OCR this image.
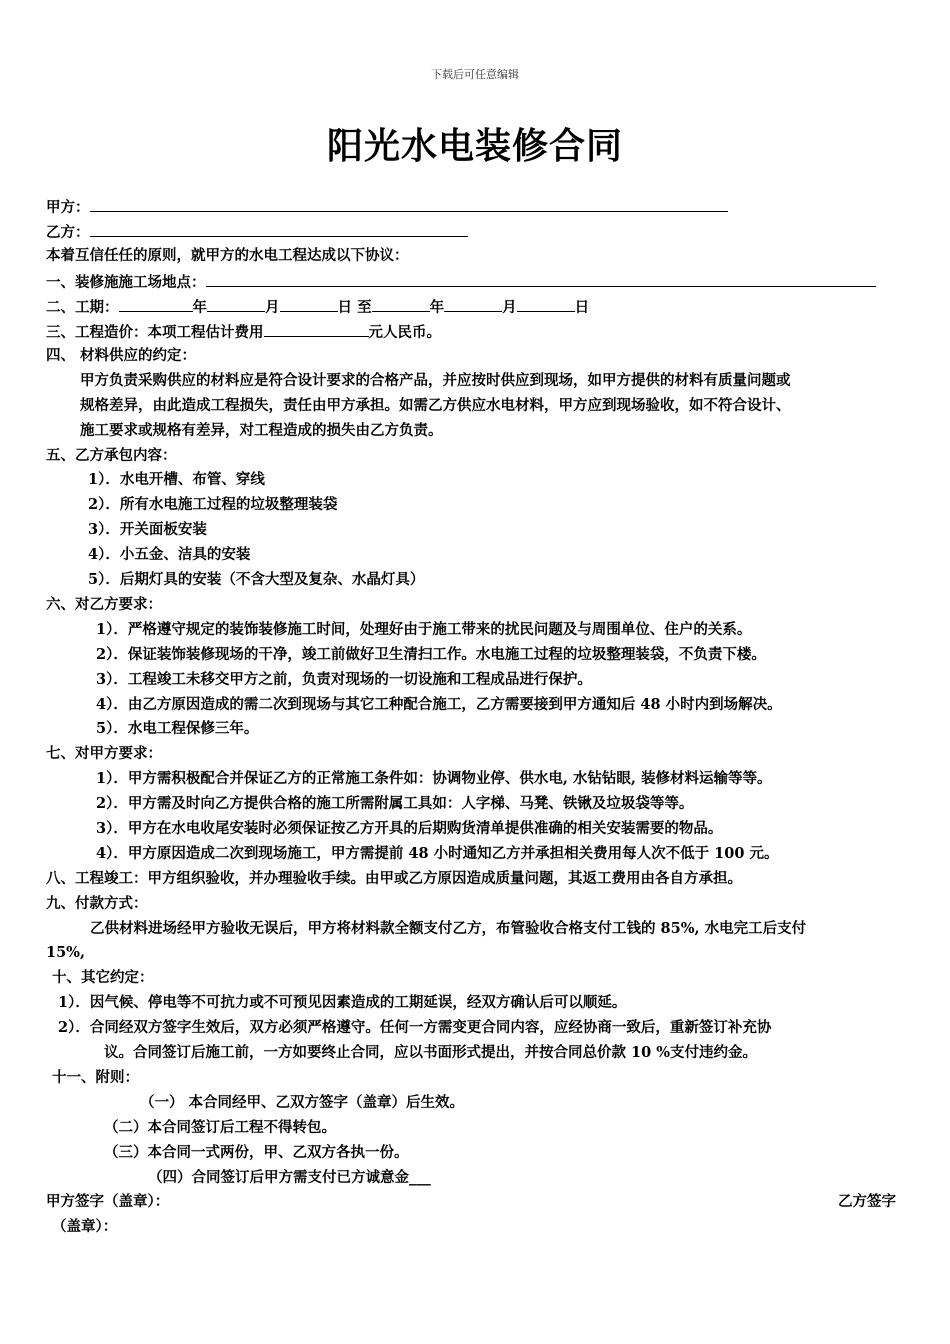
下载后可任意编辑
阳光水电装修合同
甲方：
乙方：
本着互信任任的原则，就甲方的水电工程达成以下协议：
一、装修施施工场地点：
二、工期：	年	月	日 至	年	月	日
三、工程造价：本项工程估计费用	元人民币。
四、 材料供应的约定：
甲方负责采购供应的材料应是符合设计要求的合格产品，并应按时供应到现场，如甲方提供的材料有质量问题或
规格差异，由此造成工程损失，责任由甲方承担。如需乙方供应水电材料，甲方应到现场验收，如不符合设计、
施工要求或规格有差异，对工程造成的损失由乙方负责。
五、乙方承包内容：
1）．水电开槽、布管、穿线
2）．所有水电施工过程的垃圾整理装袋
3）．开关面板安装
4）．小五金、洁具的安装
5）．后期灯具的安装（不含大型及复杂、水晶灯具）
六、对乙方要求：
1）．严格遵守规定的装饰装修施工时间，处理好由于施工带来的扰民问题及与周围单位、住户的关系。
2）．保证装饰装修现场的干净，竣工前做好卫生清扫工作。水电施工过程的垃圾整理装袋，不负责下楼。
3）．工程竣工未移交甲方之前，负责对现场的一切设施和工程成品进行保护。
4）．由乙方原因造成的需二次到现场与其它工种配合施工，乙方需要接到甲方通知后 48 小时内到场解决。
5）．水电工程保修三年。
七、对甲方要求：
1）．甲方需积极配合并保证乙方的正常施工条件如：协调物业停、供水电, 水钻钻眼, 装修材料运输等等。
2）．甲方需及时向乙方提供合格的施工所需附属工具如：人字梯、马凳、铁锹及垃圾袋等等。
3）．甲方在水电收尾安装时必须保证按乙方开具的后期购货清单提供准确的相关安装需要的物品。
4）．甲方原因造成二次到现场施工，甲方需提前 48 小时通知乙方并承担相关费用每人次不低于 100 元。
八、工程竣工：甲方组织验收，并办理验收手续。由甲或乙方原因造成质量问题，其返工费用由各自方承担。
九、付款方式：
乙供材料进场经甲方验收无误后，甲方将材料款全额支付乙方，布管验收合格支付工钱的 85%, 水电完工后支付
15%,
十、其它约定：
1）．因气候、停电等不可抗力或不可预见因素造成的工期延误，经双方确认后可以顺延。
2）．合同经双方签字生效后，双方必须严格遵守。任何一方需变更合同内容，应经协商一致后，重新签订补充协
议。合同签订后施工前，一方如要终止合同，应以书面形式提出，并按合同总价款 10 %支付违约金。
十一、附则：
（一） 本合同经甲、乙双方签字（盖章）后生效。
（二）本合同签订后工程不得转包。
（三）本合同一式两份，甲、乙双方各执一份。
（四）合同签订后甲方需支付已方诚意金___
甲方签字（盖章）：	乙方签字
（盖章）：
